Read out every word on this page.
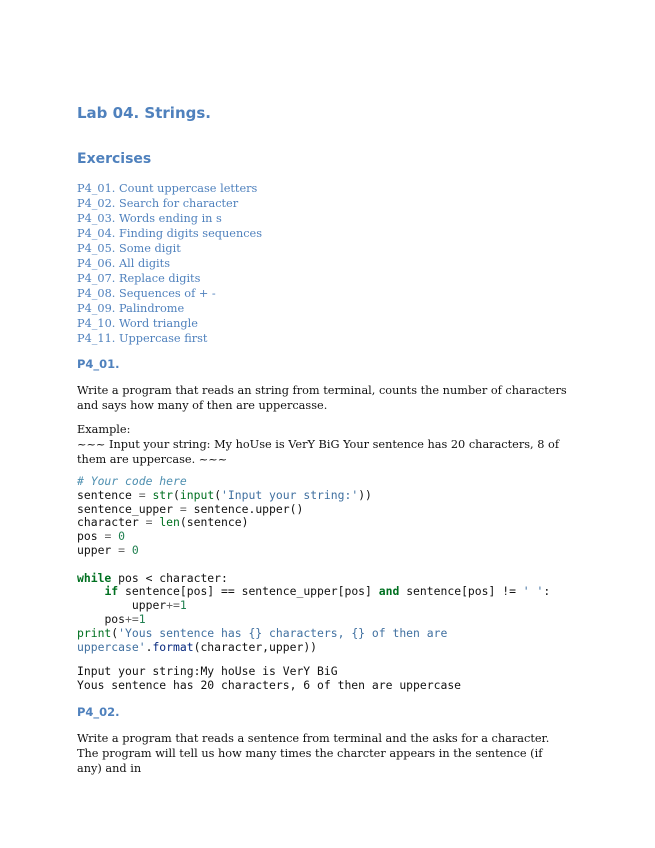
Lab 04. Strings.
Exercises
P4_01. Count uppercase letters
P4_02. Search for character
P4_03. Words ending in s
P4_04. Finding digits sequences
P4_05. Some digit
P4_06. All digits
P4_07. Replace digits
P4_08. Sequences of + -
P4_09. Palindrome
P4_10. Word triangle
P4_11. Uppercase first
P4_01.

Write a program that reads an string from terminal, counts the number of characters and says how many of then are uppercasse.

Example:
~~~ Input your string: My hoUse is VerY BiG Your sentence has 20 characters, 8 of them are uppercase. ~~~

# Your code here
sentence = str(input('Input your string:'))
sentence_upper = sentence.upper()
character = len(sentence)
pos = 0
upper = 0

while pos < character:
if sentence[pos] == sentence_upper[pos] and sentence[pos] != ' ':
upper+=1
pos+=1
print('Yous sentence has {} characters, {} of then are
uppercase'.format(character,upper))
Input your string:My hoUse is VerY BiG
Yous sentence has 20 characters, 6 of then are uppercase
P4_02.

Write a program that reads a sentence from terminal and the asks for a character. The program will tell us how many times the charcter appears in the sentence (if any) and in
